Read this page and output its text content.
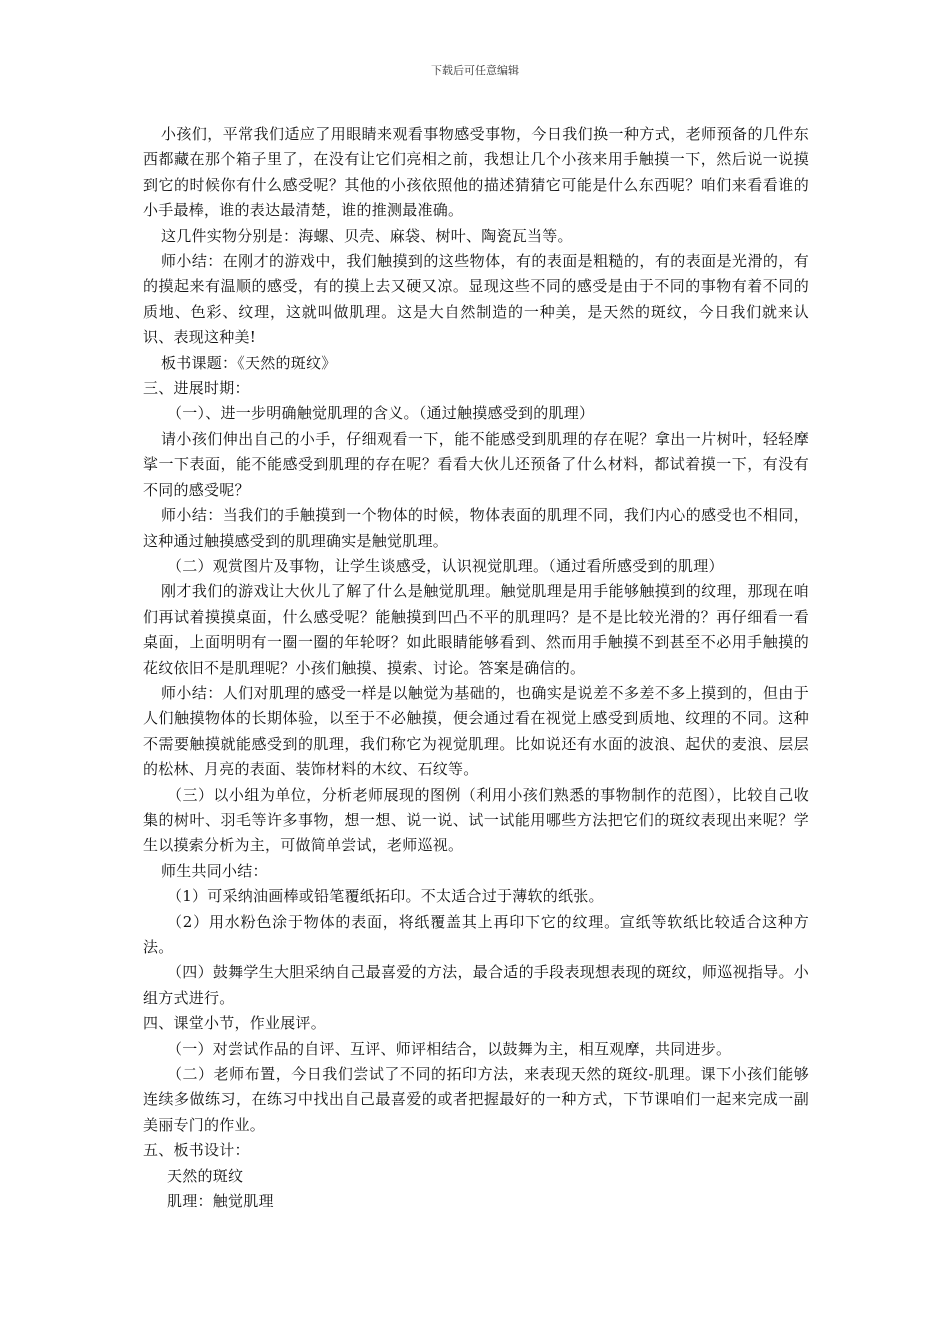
下载后可任意编辑

小孩们，平常我们适应了用眼睛来观看事物感受事物，今日我们换一种方式，老师预备的几件东西都藏在那个箱子里了，在没有让它们亮相之前，我想让几个小孩来用手触摸一下，然后说一说摸到它的时候你有什么感受呢？其他的小孩依照他的描述猜猜它可能是什么东西呢？咱们来看看谁的小手最棒，谁的表达最清楚，谁的推测最准确。

这几件实物分别是：海螺、贝壳、麻袋、树叶、陶瓷瓦当等。

师小结：在刚才的游戏中，我们触摸到的这些物体，有的表面是粗糙的，有的表面是光滑的，有的摸起来有温顺的感受，有的摸上去又硬又凉。显现这些不同的感受是由于不同的事物有着不同的质地、色彩、纹理，这就叫做肌理。这是大自然制造的一种美，是天然的斑纹，今日我们就来认识、表现这种美!

板书课题：《天然的斑纹》

三、进展时期：

（一）、进一步明确触觉肌理的含义。（通过触摸感受到的肌理）

请小孩们伸出自己的小手，仔细观看一下，能不能感受到肌理的存在呢？拿出一片树叶，轻轻摩挲一下表面，能不能感受到肌理的存在呢？看看大伙儿还预备了什么材料，都试着摸一下，有没有不同的感受呢？

师小结：当我们的手触摸到一个物体的时候，物体表面的肌理不同，我们内心的感受也不相同，这种通过触摸感受到的肌理确实是触觉肌理。

（二）观赏图片及事物，让学生谈感受，认识视觉肌理。（通过看所感受到的肌理）

刚才我们的游戏让大伙儿了解了什么是触觉肌理。触觉肌理是用手能够触摸到的纹理，那现在咱们再试着摸摸桌面，什么感受呢？能触摸到凹凸不平的肌理吗？是不是比较光滑的？再仔细看一看桌面，上面明明有一圈一圈的年轮呀？如此眼睛能够看到、然而用手触摸不到甚至不必用手触摸的花纹依旧不是肌理呢？小孩们触摸、摸索、讨论。答案是确信的。

师小结：人们对肌理的感受一样是以触觉为基础的，也确实是说差不多差不多上摸到的，但由于人们触摸物体的长期体验，以至于不必触摸，便会通过看在视觉上感受到质地、纹理的不同。这种不需要触摸就能感受到的肌理，我们称它为视觉肌理。比如说还有水面的波浪、起伏的麦浪、层层的松林、月亮的表面、装饰材料的木纹、石纹等。

（三）以小组为单位，分析老师展现的图例（利用小孩们熟悉的事物制作的范图），比较自己收集的树叶、羽毛等许多事物，想一想、说一说、试一试能用哪些方法把它们的斑纹表现出来呢？学生以摸索分析为主，可做简单尝试，老师巡视。

师生共同小结：

（1）可采纳油画棒或铅笔覆纸拓印。不太适合过于薄软的纸张。

（2）用水粉色涂于物体的表面，将纸覆盖其上再印下它的纹理。宣纸等软纸比较适合这种方法。

（四）鼓舞学生大胆采纳自己最喜爱的方法，最合适的手段表现想表现的斑纹，师巡视指导。小组方式进行。

四、课堂小节，作业展评。

（一）对尝试作品的自评、互评、师评相结合，以鼓舞为主，相互观摩，共同进步。

（二）老师布置，今日我们尝试了不同的拓印方法，来表现天然的斑纹-肌理。课下小孩们能够连续多做练习，在练习中找出自己最喜爱的或者把握最好的一种方式，下节课咱们一起来完成一副美丽专门的作业。

五、板书设计：

天然的斑纹

肌理：触觉肌理
